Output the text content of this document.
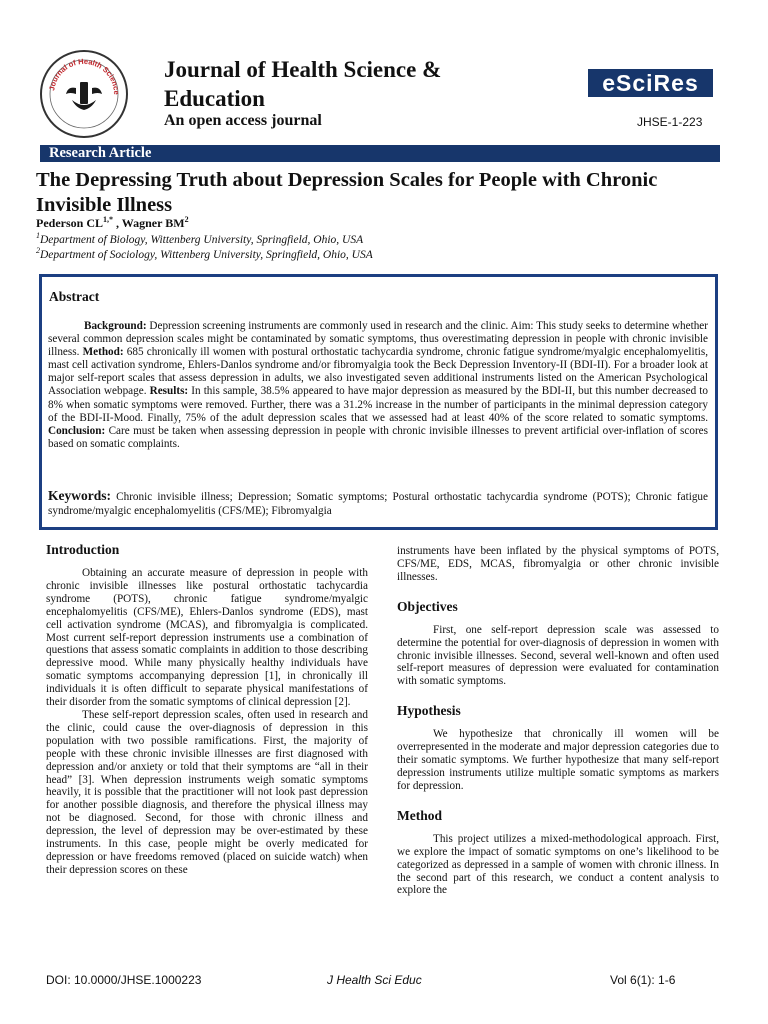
Journal of Health Science
Journal of Health Science & Education
An open access journal
eSciRes
JHSE-1-223
Research Article
The Depressing Truth about Depression Scales for People with Chronic Invisible Illness
Pederson $CL^{1,*}$ , Wagner $BM^2$
$^1$Department of Biology, Wittenberg University, Springfield, Ohio, USA
$^2$Department of Sociology, Wittenberg University, Springfield, Ohio, USA
Abstract

Background: Depression screening instruments are commonly used in research and the clinic. Aim: This study seeks to determine whether several common depression scales might be contaminated by somatic symptoms, thus overestimating depression in people with chronic invisible illness. Method: 685 chronically ill women with postural orthostatic tachycardia syndrome, chronic fatigue syndrome/myalgic encephalomyelitis, mast cell activation syndrome, Ehlers-Danlos syndrome and/or fibromyalgia took the Beck Depression Inventory-II (BDI-II). For a broader look at major self-report scales that assess depression in adults, we also investigated seven additional instruments listed on the American Psychological Association webpage. Results: In this sample, 38.5% appeared to have major depression as measured by the BDI-II, but this number decreased to 8% when somatic symptoms were removed. Further, there was a 31.2% increase in the number of participants in the minimal depression category of the BDI-II-Mood. Finally, 75% of the adult depression scales that we assessed had at least 40% of the score related to somatic symptoms. Conclusion: Care must be taken when assessing depression in people with chronic invisible illnesses to prevent artificial over-inflation of scores based on somatic complaints.

Keywords: Chronic invisible illness; Depression; Somatic symptoms; Postural orthostatic tachycardia syndrome (POTS); Chronic fatigue syndrome/myalgic encephalomyelitis (CFS/ME); Fibromyalgia

Introduction

Obtaining an accurate measure of depression in people with chronic invisible illnesses like postural orthostatic tachycardia syndrome (POTS), chronic fatigue syndrome/myalgic encephalomyelitis (CFS/ME), Ehlers-Danlos syndrome (EDS), mast cell activation syndrome (MCAS), and fibromyalgia is complicated. Most current self-report depression instruments use a combination of questions that assess somatic complaints in addition to those describing depressive mood. While many physically healthy individuals have somatic symptoms accompanying depression [1], in chronically ill individuals it is often difficult to separate physical manifestations of their disorder from the somatic symptoms of clinical depression [2].

These self-report depression scales, often used in research and the clinic, could cause the over-diagnosis of depression in this population with two possible ramifications. First, the majority of people with these chronic invisible illnesses are first diagnosed with depression and/or anxiety or told that their symptoms are “all in their head” [3]. When depression instruments weigh somatic symptoms heavily, it is possible that the practitioner will not look past depression for another possible diagnosis, and therefore the physical illness may not be diagnosed. Second, for those with chronic illness and depression, the level of depression may be over-estimated by these instruments. In this case, people might be overly medicated for depression or have freedoms removed (placed on suicide watch) when their depression scores on these

instruments have been inflated by the physical symptoms of POTS, CFS/ME, EDS, MCAS, fibromyalgia or other chronic invisible illnesses.

Objectives

First, one self-report depression scale was assessed to determine the potential for over-diagnosis of depression in women with chronic invisible illnesses. Second, several well-known and often used self-report measures of depression were evaluated for contamination with somatic symptoms.

Hypothesis

We hypothesize that chronically ill women will be overrepresented in the moderate and major depression categories due to their somatic symptoms. We further hypothesize that many self-report depression instruments utilize multiple somatic symptoms as markers for depression.

Method

This project utilizes a mixed-methodological approach. First, we explore the impact of somatic symptoms on one’s likelihood to be categorized as depressed in a sample of women with chronic illness. In the second part of this research, we conduct a content analysis to explore the

DOI: 10.0000/JHSE.1000223	J Health Sci Educ	Vol 6(1): 1-6
